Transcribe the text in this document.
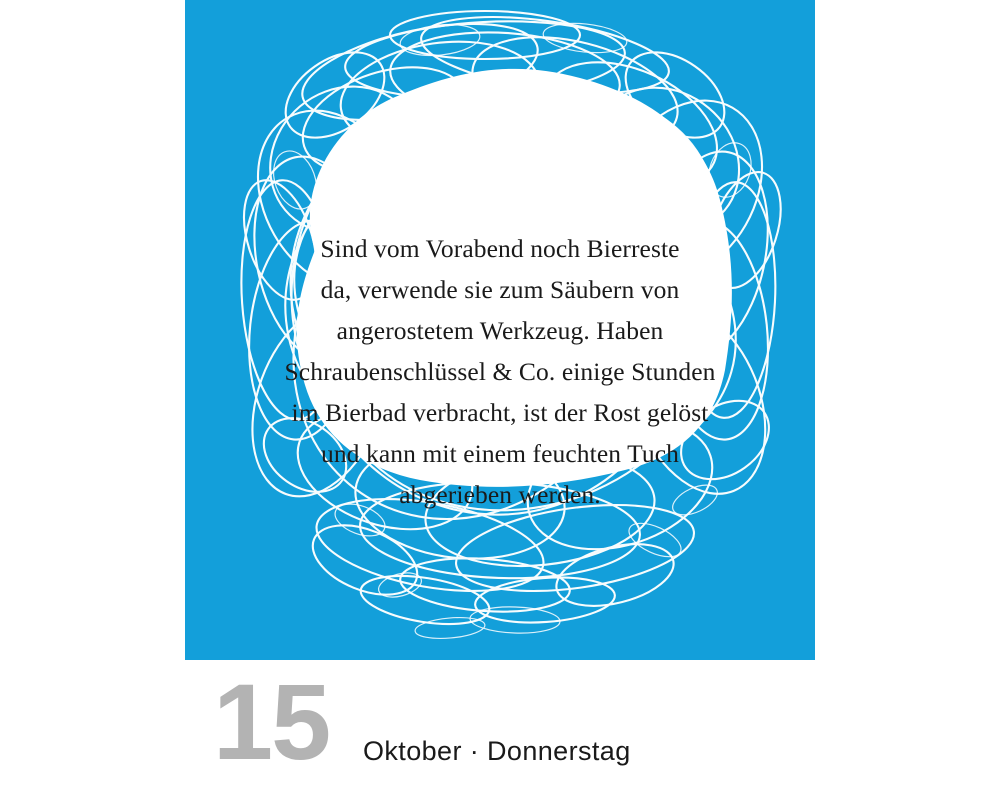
Sind vom Vorabend noch Bierreste
da, verwende sie zum Säubern von
angerostetem Werkzeug. Haben
Schraubenschlüssel & Co. einige Stunden
im Bierbad verbracht, ist der Rost gelöst
und kann mit einem feuchten Tuch
abgerieben werden.
15 Oktober · Donnerstag
